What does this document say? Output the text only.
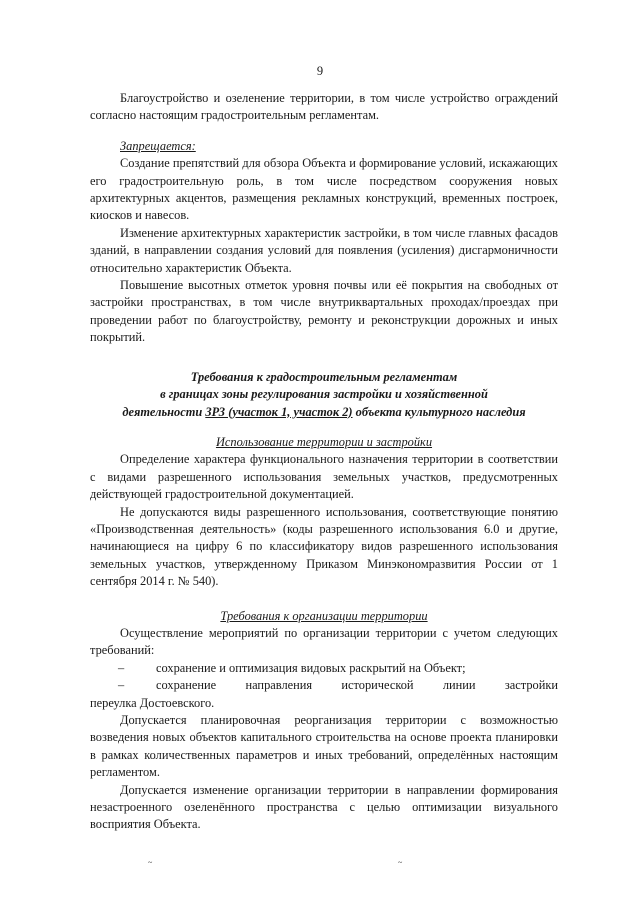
9

Благоустройство и озеленение территории, в том числе устройство ограждений согласно настоящим градостроительным регламентам.

Запрещается:

Создание препятствий для обзора Объекта и формирование условий, искажающих его градостроительную роль, в том числе посредством сооружения новых архитектурных акцентов, размещения рекламных конструкций, временных построек, киосков и навесов.

Изменение архитектурных характеристик застройки, в том числе главных фасадов зданий, в направлении создания условий для появления (усиления) дисгармоничности относительно характеристик Объекта.

Повышение высотных отметок уровня почвы или её покрытия на свободных от застройки пространствах, в том числе внутриквартальных проходах/проездах при проведении работ по благоустройству, ремонту и реконструкции дорожных и иных покрытий.

Требования к градостроительным регламентам
в границах зоны регулирования застройки и хозяйственной
деятельности ЗРЗ (участок 1, участок 2) объекта культурного наследия
Использование территории и застройки

Определение характера функционального назначения территории в соответствии с видами разрешенного использования земельных участков, предусмотренных действующей градостроительной документацией.

Не допускаются виды разрешенного использования, соответствующие понятию «Производственная деятельность» (коды разрешенного использования 6.0 и другие, начинающиеся на цифру 6 по классификатору видов разрешенного использования земельных участков, утвержденному Приказом Минэкономразвития России от 1 сентября 2014 г. № 540).

Требования к организации территории

Осуществление мероприятий по организации территории с учетом следующих требований:

–	сохранение и оптимизация видовых раскрытий на Объект;
–	сохранение направления исторической линии застройки

переулка Достоевского.

Допускается планировочная реорганизация территории с возможностью возведения новых объектов капитального строительства на основе проекта планировки в рамках количественных параметров и иных требований, определённых настоящим регламентом.

Допускается изменение организации территории в направлении формирования незастроенного озеленённого пространства с целью оптимизации визуального восприятия Объекта.

~	~
